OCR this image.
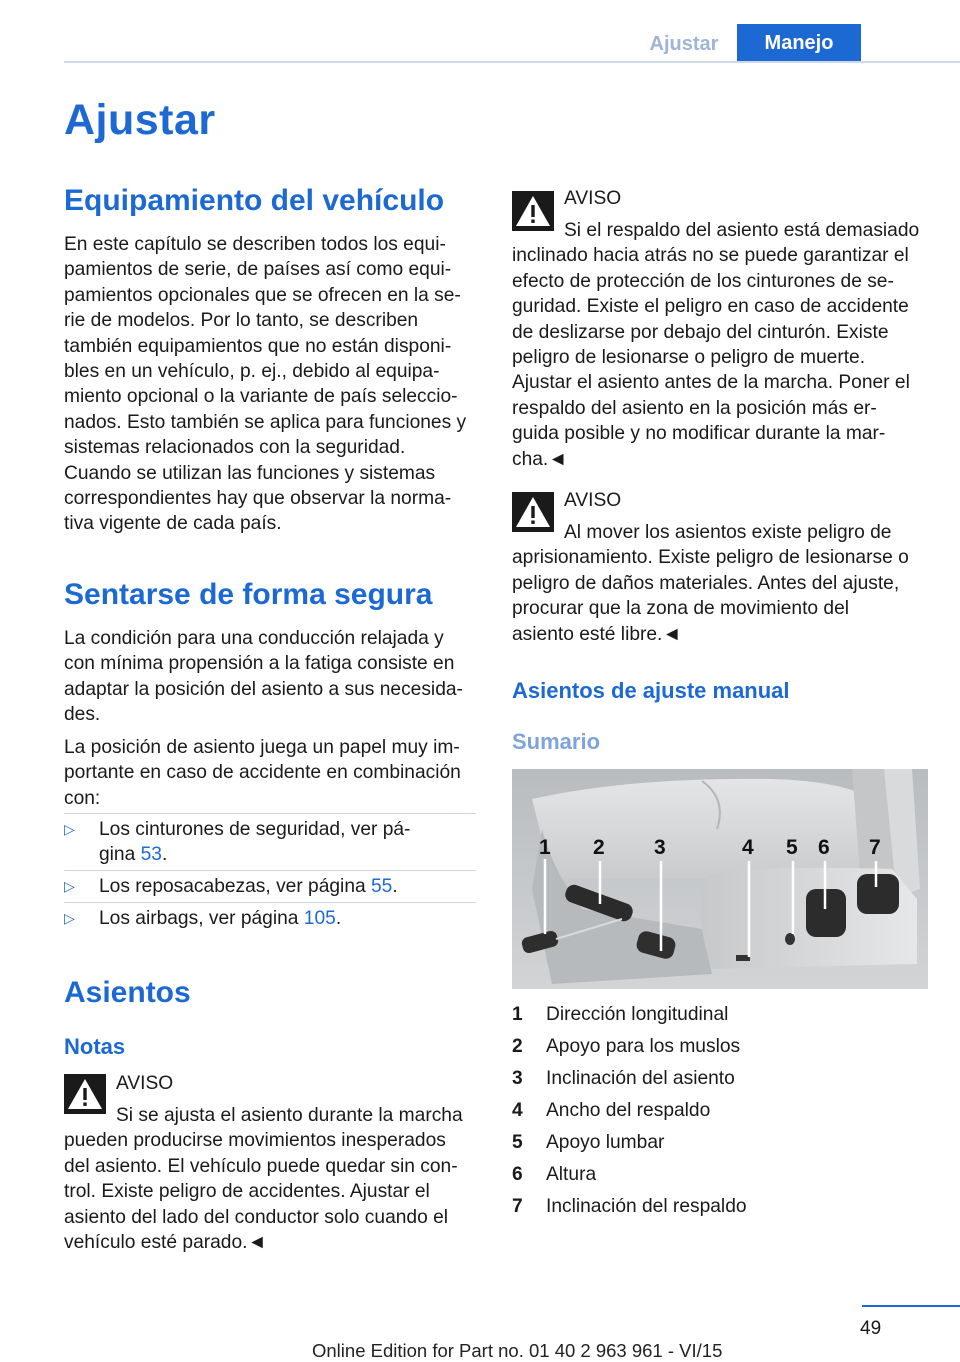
Ajustar	Manejo
Ajustar
Equipamiento del vehículo
En este capítulo se describen todos los equi-
pamientos de serie, de países así como equi-
pamientos opcionales que se ofrecen en la se-
rie de modelos. Por lo tanto, se describen
también equipamientos que no están disponi-
bles en un vehículo, p. ej., debido al equipa-
miento opcional o la variante de país seleccio-
nados. Esto también se aplica para funciones y
sistemas relacionados con la seguridad.
Cuando se utilizan las funciones y sistemas
correspondientes hay que observar la norma-
tiva vigente de cada país.
Sentarse de forma segura
La condición para una conducción relajada y
con mínima propensión a la fatiga consiste en
adaptar la posición del asiento a sus necesida-
des.
La posición de asiento juega un papel muy im-
portante en caso de accidente en combinación
con:
▷ Los cinturones de seguridad, ver pá-
gina 53.
▷ Los reposacabezas, ver página 55.
▷ Los airbags, ver página 105.
Asientos
Notas
AVISO
Si se ajusta el asiento durante la marcha
pueden producirse movimientos inesperados
del asiento. El vehículo puede quedar sin con-
trol. Existe peligro de accidentes. Ajustar el
asiento del lado del conductor solo cuando el
vehículo esté parado.◄
AVISO
Si el respaldo del asiento está demasiado
inclinado hacia atrás no se puede garantizar el
efecto de protección de los cinturones de se-
guridad. Existe el peligro en caso de accidente
de deslizarse por debajo del cinturón. Existe
peligro de lesionarse o peligro de muerte.
Ajustar el asiento antes de la marcha. Poner el
respaldo del asiento en la posición más er-
guida posible y no modificar durante la mar-
cha.◄
AVISO
Al mover los asientos existe peligro de
aprisionamiento. Existe peligro de lesionarse o
peligro de daños materiales. Antes del ajuste,
procurar que la zona de movimiento del
asiento esté libre.◄
Asientos de ajuste manual
Sumario
1 2 3	4 5 6 7
1	Dirección longitudinal
2	Apoyo para los muslos
3	Inclinación del asiento
4	Ancho del respaldo
5	Apoyo lumbar
6	Altura
7	Inclinación del respaldo
49
Online Edition for Part no. 01 40 2 963 961 - VI/15
